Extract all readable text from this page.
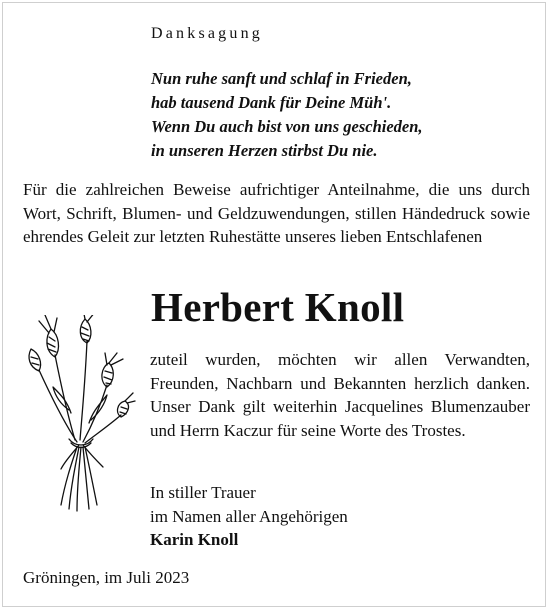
Danksagung
Nun ruhe sanft und schlaf in Frieden,
hab tausend Dank für Deine Müh'.
Wenn Du auch bist von uns geschieden,
in unseren Herzen stirbst Du nie.
Für die zahlreichen Beweise aufrichtiger Anteilnahme, die uns durch Wort, Schrift, Blumen- und Geldzuwendungen, stillen Händedruck sowie ehrendes Geleit zur letzten Ruhestätte unseres lieben Entschlafenen
Herbert Knoll
zuteil wurden, möchten wir allen Verwandten, Freunden, Nachbarn und Bekannten herzlich danken. Unser Dank gilt weiterhin Jacquelines Blumenzauber und Herrn Kaczur für seine Worte des Trostes.
In stiller Trauer
im Namen aller Angehörigen
Karin Knoll
Gröningen, im Juli 2023
